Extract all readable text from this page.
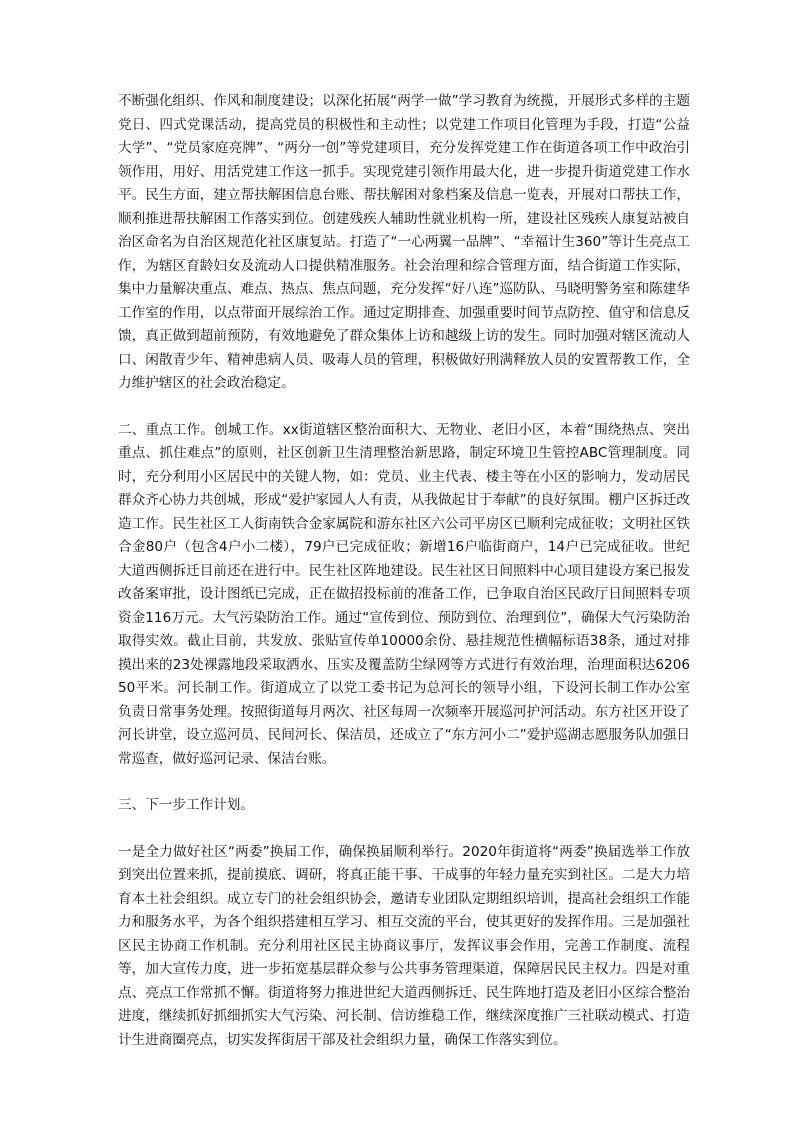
不断强化组织、作风和制度建设；以深化拓展“两学一做”学习教育为统揽，开展形式多样的主题党日、四式党课活动，提高党员的积极性和主动性；以党建工作项目化管理为手段，打造“公益大学”、“党员家庭亮牌”、“两分一创”等党建项目，充分发挥党建工作在街道各项工作中政治引领作用，用好、用活党建工作这一抓手。实现党建引领作用最大化，进一步提升街道党建工作水平。民生方面，建立帮扶解困信息台账、帮扶解困对象档案及信息一览表，开展对口帮扶工作，顺利推进帮扶解困工作落实到位。创建残疾人辅助性就业机构一所，建设社区残疾人康复站被自治区命名为自治区规范化社区康复站。打造了“一心两翼一品牌”、“幸福计生360”等计生亮点工作，为辖区育龄妇女及流动人口提供精准服务。社会治理和综合管理方面，结合街道工作实际，集中力量解决重点、难点、热点、焦点问题，充分发挥“好八连”巡防队、马晓明警务室和陈建华工作室的作用，以点带面开展综治工作。通过定期排查、加强重要时间节点防控、值守和信息反馈，真正做到超前预防，有效地避免了群众集体上访和越级上访的发生。同时加强对辖区流动人口、闲散青少年、精神患病人员、吸毒人员的管理，积极做好刑满释放人员的安置帮教工作，全力维护辖区的社会政治稳定。

二、重点工作。创城工作。xx街道辖区整治面积大、无物业、老旧小区，本着“围绕热点、突出重点、抓住难点”的原则，社区创新卫生清理整治新思路，制定环境卫生管控ABC管理制度。同时，充分利用小区居民中的关键人物，如：党员、业主代表、楼主等在小区的影响力，发动居民群众齐心协力共创城，形成“爱护家园人人有责，从我做起甘于奉献”的良好氛围。棚户区拆迁改造工作。民生社区工人街南铁合金家属院和游东社区六公司平房区已顺利完成征收；文明社区铁合金80户（包含4户小二楼），79户已完成征收；新增16户临街商户，14户已完成征收。世纪大道西侧拆迁目前还在进行中。民生社区阵地建设。民生社区日间照料中心项目建设方案已报发改备案审批，设计图纸已完成，正在做招投标前的准备工作，已争取自治区民政厅日间照料专项资金116万元。大气污染防治工作。通过“宣传到位、预防到位、治理到位”，确保大气污染防治取得实效。截止目前，共发放、张贴宣传单10000余份、悬挂规范性横幅标语38条，通过对排摸出来的23处裸露地段采取洒水、压实及覆盖防尘绿网等方式进行有效治理，治理面积达620650平米。河长制工作。街道成立了以党工委书记为总河长的领导小组，下设河长制工作办公室负责日常事务处理。按照街道每月两次、社区每周一次频率开展巡河护河活动。东方社区开设了河长讲堂，设立巡河员、民间河长、保洁员，还成立了“东方河小二”爱护巡湖志愿服务队加强日常巡查，做好巡河记录、保洁台账。

三、下一步工作计划。

一是全力做好社区“两委”换届工作，确保换届顺利举行。2020年街道将“两委”换届选举工作放到突出位置来抓，提前摸底、调研，将真正能干事、干成事的年轻力量充实到社区。二是大力培育本土社会组织。成立专门的社会组织协会，邀请专业团队定期组织培训，提高社会组织工作能力和服务水平，为各个组织搭建相互学习、相互交流的平台，使其更好的发挥作用。三是加强社区民主协商工作机制。充分利用社区民主协商议事厅，发挥议事会作用，完善工作制度、流程等，加大宣传力度，进一步拓宽基层群众参与公共事务管理渠道，保障居民民主权力。四是对重点、亮点工作常抓不懈。街道将努力推进世纪大道西侧拆迁、民生阵地打造及老旧小区综合整治进度，继续抓好抓细抓实大气污染、河长制、信访维稳工作，继续深度推广三社联动模式、打造计生进商圈亮点，切实发挥街居干部及社会组织力量，确保工作落实到位。
